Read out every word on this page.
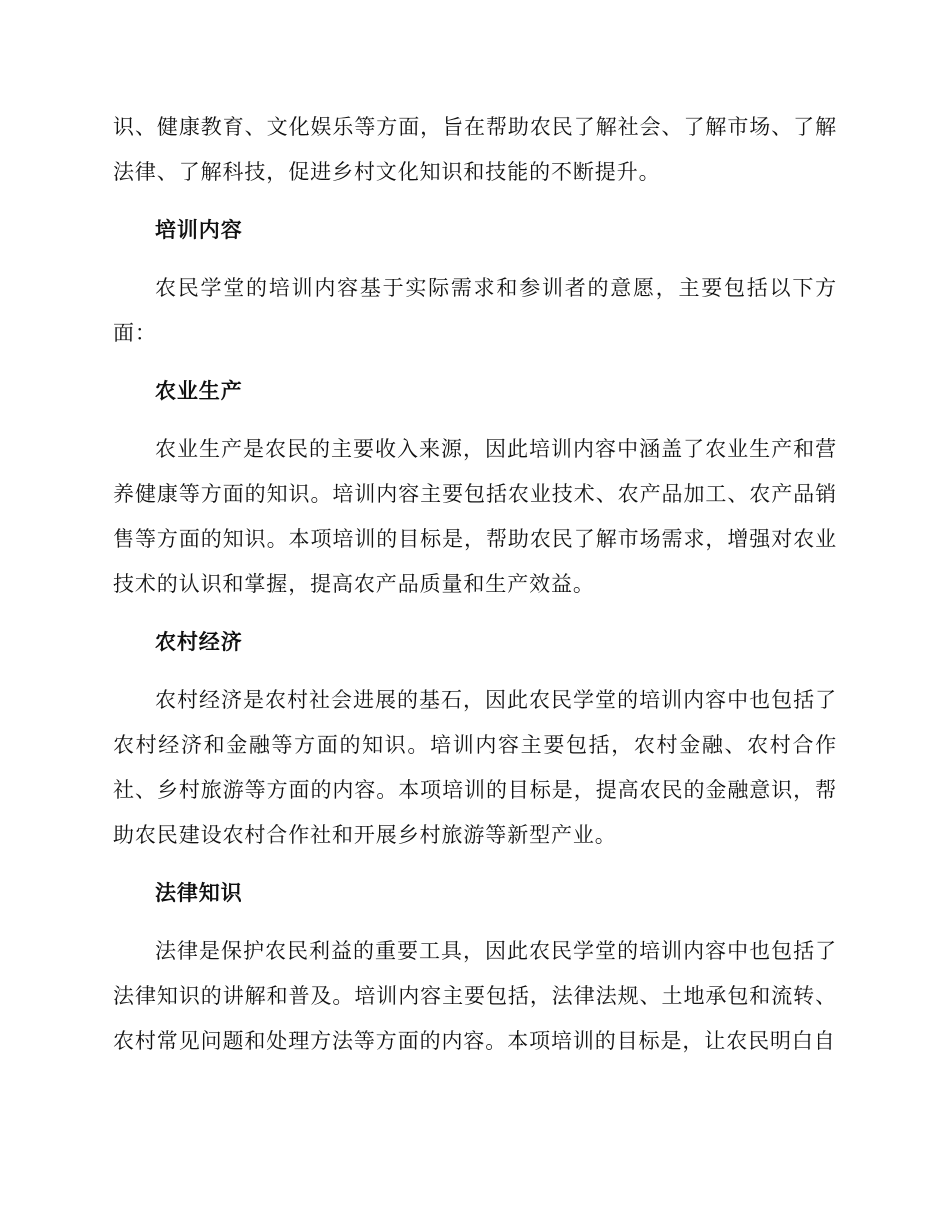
识、健康教育、文化娱乐等方面，旨在帮助农民了解社会、了解市场、了解法律、了解科技，促进乡村文化知识和技能的不断提升。

培训内容

农民学堂的培训内容基于实际需求和参训者的意愿，主要包括以下方面：

农业生产

农业生产是农民的主要收入来源，因此培训内容中涵盖了农业生产和营养健康等方面的知识。培训内容主要包括农业技术、农产品加工、农产品销售等方面的知识。本项培训的目标是，帮助农民了解市场需求，增强对农业技术的认识和掌握，提高农产品质量和生产效益。

农村经济

农村经济是农村社会进展的基石，因此农民学堂的培训内容中也包括了农村经济和金融等方面的知识。培训内容主要包括，农村金融、农村合作社、乡村旅游等方面的内容。本项培训的目标是，提高农民的金融意识，帮助农民建设农村合作社和开展乡村旅游等新型产业。

法律知识

法律是保护农民利益的重要工具，因此农民学堂的培训内容中也包括了法律知识的讲解和普及。培训内容主要包括，法律法规、土地承包和流转、农村常见问题和处理方法等方面的内容。本项培训的目标是，让农民明白自
